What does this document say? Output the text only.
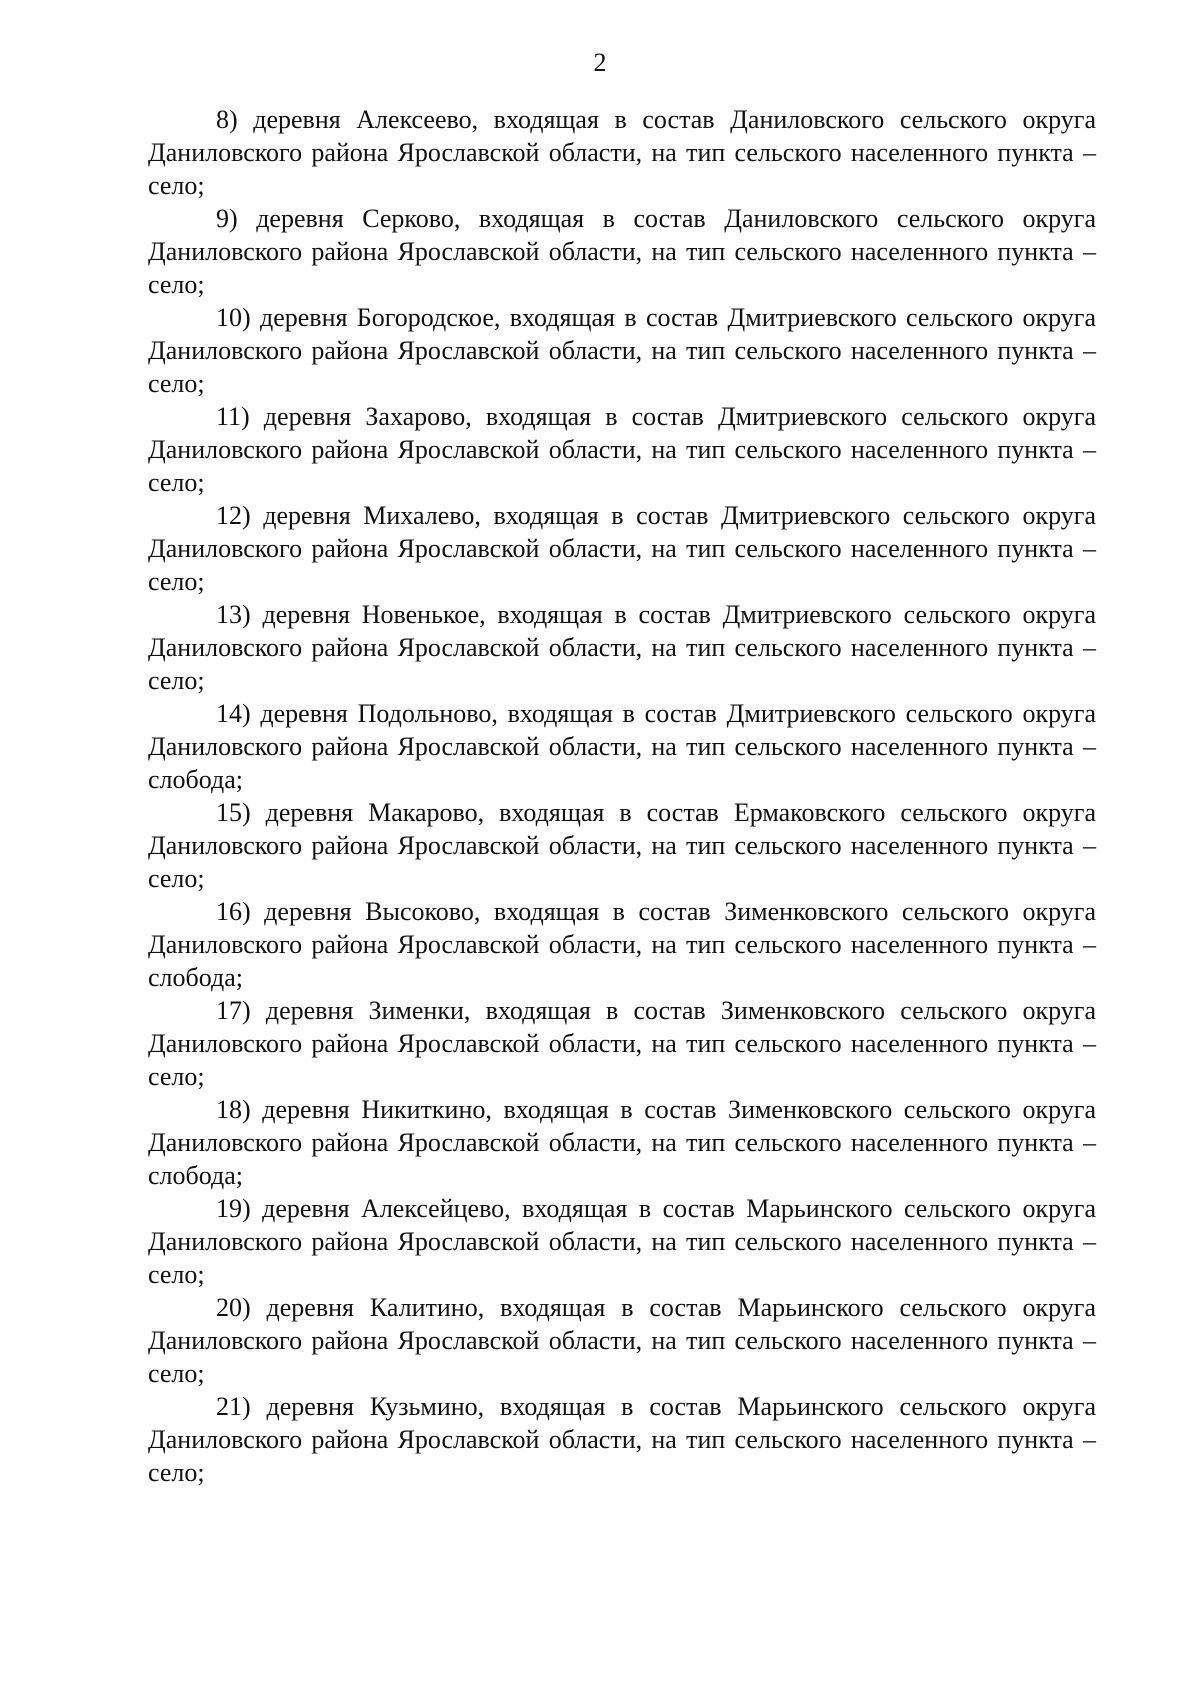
2

8) деревня Алексеево, входящая в состав Даниловского сельского округа Даниловского района Ярославской области, на тип сельского населенного пункта – село;

9) деревня Серково, входящая в состав Даниловского сельского округа Даниловского района Ярославской области, на тип сельского населенного пункта – село;

10) деревня Богородское, входящая в состав Дмитриевского сельского округа Даниловского района Ярославской области, на тип сельского населенного пункта – село;

11) деревня Захарово, входящая в состав Дмитриевского сельского округа Даниловского района Ярославской области, на тип сельского населенного пункта – село;

12) деревня Михалево, входящая в состав Дмитриевского сельского округа Даниловского района Ярославской области, на тип сельского населенного пункта – село;

13) деревня Новенькое, входящая в состав Дмитриевского сельского округа Даниловского района Ярославской области, на тип сельского населенного пункта – село;

14) деревня Подольново, входящая в состав Дмитриевского сельского округа Даниловского района Ярославской области, на тип сельского населенного пункта – слобода;

15) деревня Макарово, входящая в состав Ермаковского сельского округа Даниловского района Ярославской области, на тип сельского населенного пункта – село;

16) деревня Высоково, входящая в состав Зименковского сельского округа Даниловского района Ярославской области, на тип сельского населенного пункта – слобода;

17) деревня Зименки, входящая в состав Зименковского сельского округа Даниловского района Ярославской области, на тип сельского населенного пункта – село;

18) деревня Никиткино, входящая в состав Зименковского сельского округа Даниловского района Ярославской области, на тип сельского населенного пункта – слобода;

19) деревня Алексейцево, входящая в состав Марьинского сельского округа Даниловского района Ярославской области, на тип сельского населенного пункта – село;

20) деревня Калитино, входящая в состав Марьинского сельского округа Даниловского района Ярославской области, на тип сельского населенного пункта – село;

21) деревня Кузьмино, входящая в состав Марьинского сельского округа Даниловского района Ярославской области, на тип сельского населенного пункта – село;
